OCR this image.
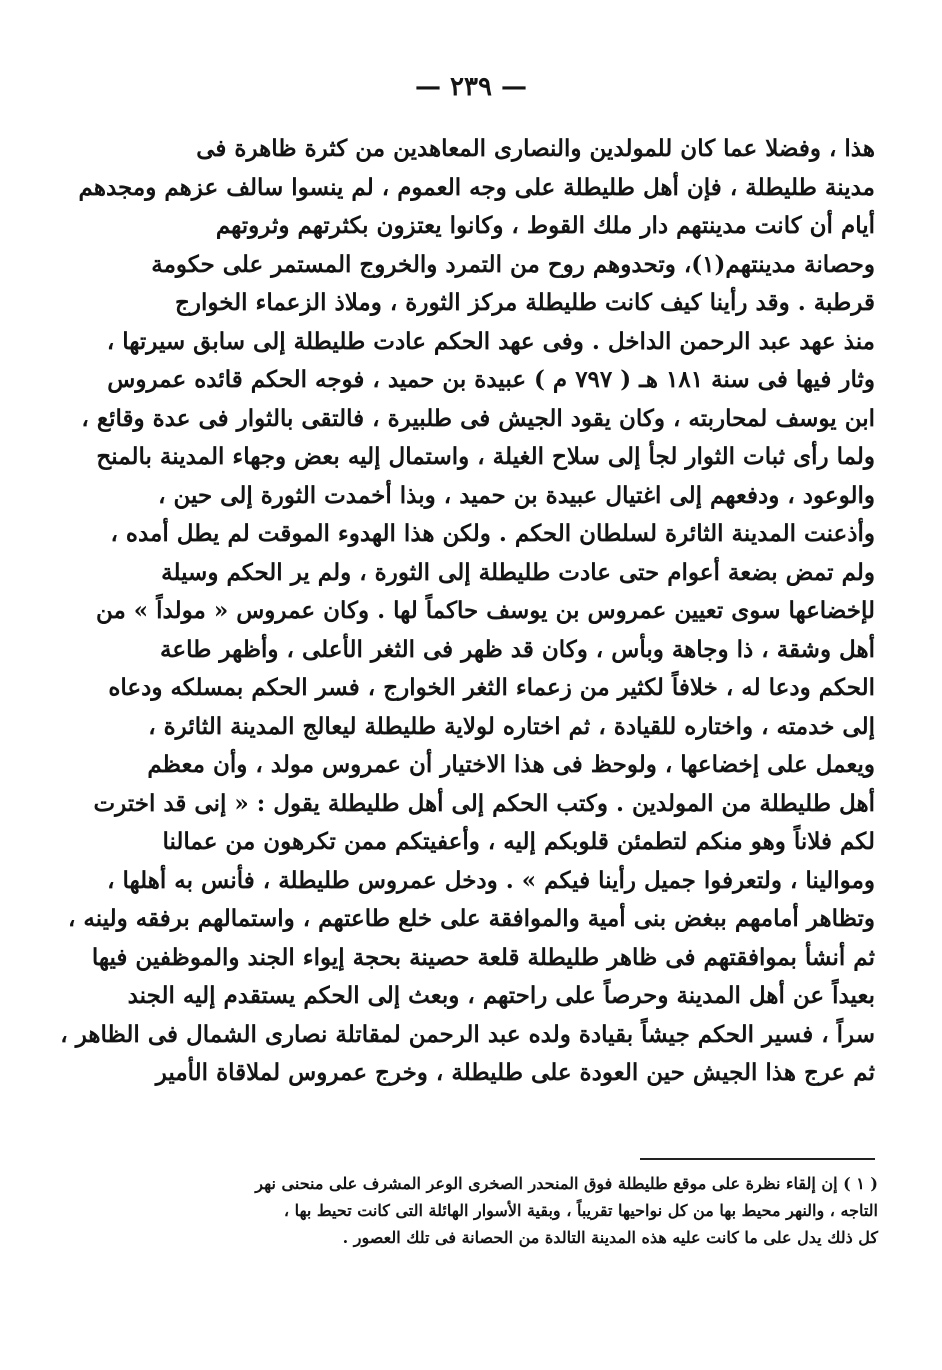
— ٢٣٩ —
هذا ، وفضلا عما كان للمولدين والنصارى المعاهدين من كثرة ظاهرة فى
مدينة طليطلة ، فإن أهل طليطلة على وجه العموم ، لم ينسوا سالف عزهم ومجدهم
أيام أن كانت مدينتهم دار ملك القوط ، وكانوا يعتزون بكثرتهم وثروتهم
وحصانة مدينتهم(١)، وتحدوهم روح من التمرد والخروج المستمر على حكومة
قرطبة . وقد رأينا كيف كانت طليطلة مركز الثورة ، وملاذ الزعماء الخوارج
منذ عهد عبد الرحمن الداخل . وفى عهد الحكم عادت طليطلة إلى سابق سيرتها ،
وثار فيها فى سنة ١٨١ هـ ( ٧٩٧ م ) عبيدة بن حميد ، فوجه الحكم قائده عمروس
ابن يوسف لمحاربته ، وكان يقود الجيش فى طلبيرة ، فالتقى بالثوار فى عدة وقائع ،
ولما رأى ثبات الثوار لجأ إلى سلاح الغيلة ، واستمال إليه بعض وجهاء المدينة بالمنح
والوعود ، ودفعهم إلى اغتيال عبيدة بن حميد ، وبذا أخمدت الثورة إلى حين ،
وأذعنت المدينة الثائرة لسلطان الحكم . ولكن هذا الهدوء الموقت لم يطل أمده ،
ولم تمض بضعة أعوام حتى عادت طليطلة إلى الثورة ، ولم ير الحكم وسيلة
لإخضاعها سوى تعيين عمروس بن يوسف حاكماً لها . وكان عمروس « مولداً » من
أهل وشقة ، ذا وجاهة وبأس ، وكان قد ظهر فى الثغر الأعلى ، وأظهر طاعة
الحكم ودعا له ، خلافاً لكثير من زعماء الثغر الخوارج ، فسر الحكم بمسلكه ودعاه
إلى خدمته ، واختاره للقيادة ، ثم اختاره لولاية طليطلة ليعالج المدينة الثائرة ،
ويعمل على إخضاعها ، ولوحظ فى هذا الاختيار أن عمروس مولد ، وأن معظم
أهل طليطلة من المولدين . وكتب الحكم إلى أهل طليطلة يقول : « إنى قد اخترت
لكم فلاناً وهو منكم لتطمئن قلوبكم إليه ، وأعفيتكم ممن تكرهون من عمالنا
وموالينا ، ولتعرفوا جميل رأينا فيكم » . ودخل عمروس طليطلة ، فأنس به أهلها ،
وتظاهر أمامهم ببغض بنى أمية والموافقة على خلع طاعتهم ، واستمالهم برفقه ولينه ،
ثم أنشأ بموافقتهم فى ظاهر طليطلة قلعة حصينة بحجة إيواء الجند والموظفين فيها
بعيداً عن أهل المدينة وحرصاً على راحتهم ، وبعث إلى الحكم يستقدم إليه الجند
سراً ، فسير الحكم جيشاً بقيادة ولده عبد الرحمن لمقاتلة نصارى الشمال فى الظاهر ،
ثم عرج هذا الجيش حين العودة على طليطلة ، وخرج عمروس لملاقاة الأمير
( ١ ) إن إلقاء نظرة على موقع طليطلة فوق المنحدر الصخرى الوعر المشرف على منحنى نهر
التاجه ، والنهر محيط بها من كل نواحيها تقريباً ، وبقية الأسوار الهائلة التى كانت تحيط بها ،
كل ذلك يدل على ما كانت عليه هذه المدينة التالدة من الحصانة فى تلك العصور .
